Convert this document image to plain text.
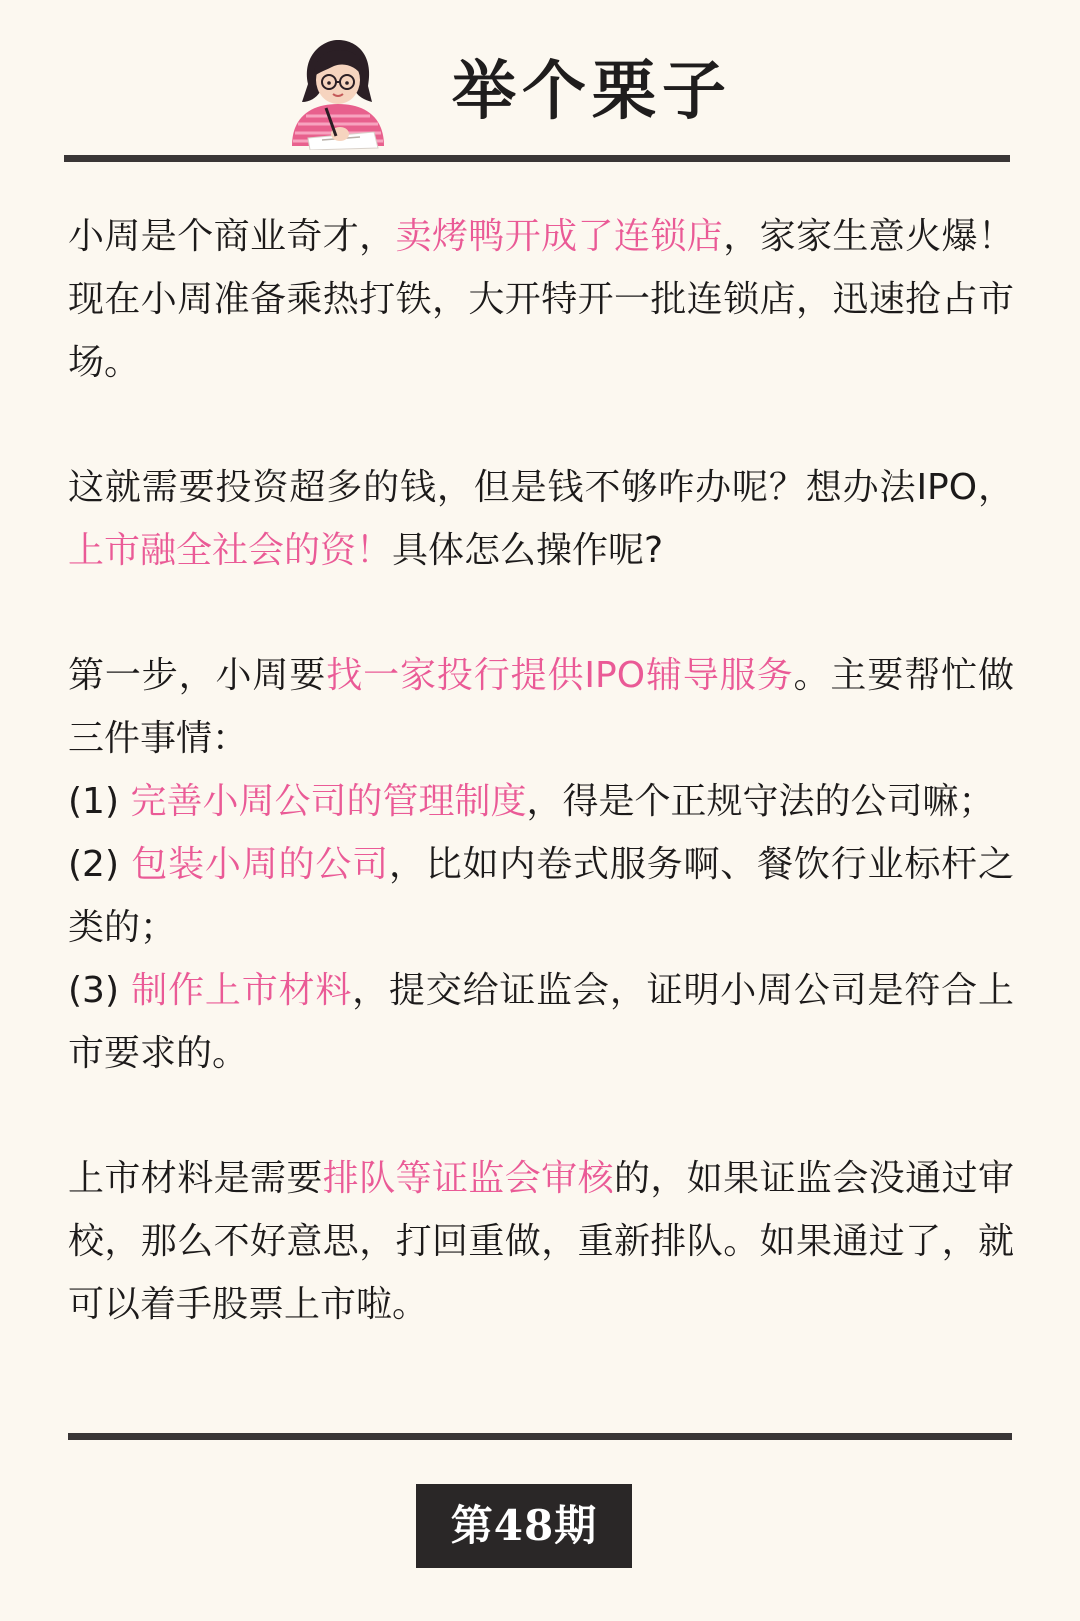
举个栗子

小周是个商业奇才，卖烤鸭开成了连锁店，家家生意火爆！现在小周准备乘热打铁，大开特开一批连锁店，迅速抢占市场。

这就需要投资超多的钱，但是钱不够咋办呢？想办法IPO，上市融全社会的资！具体怎么操作呢?

第一步，小周要找一家投行提供IPO辅导服务。主要帮忙做三件事情：

(1) 完善小周公司的管理制度，得是个正规守法的公司嘛；

(2) 包装小周的公司，比如内卷式服务啊、餐饮行业标杆之类的；

(3) 制作上市材料，提交给证监会，证明小周公司是符合上市要求的。

上市材料是需要排队等证监会审核的，如果证监会没通过审校，那么不好意思，打回重做，重新排队。如果通过了，就可以着手股票上市啦。

第48期
